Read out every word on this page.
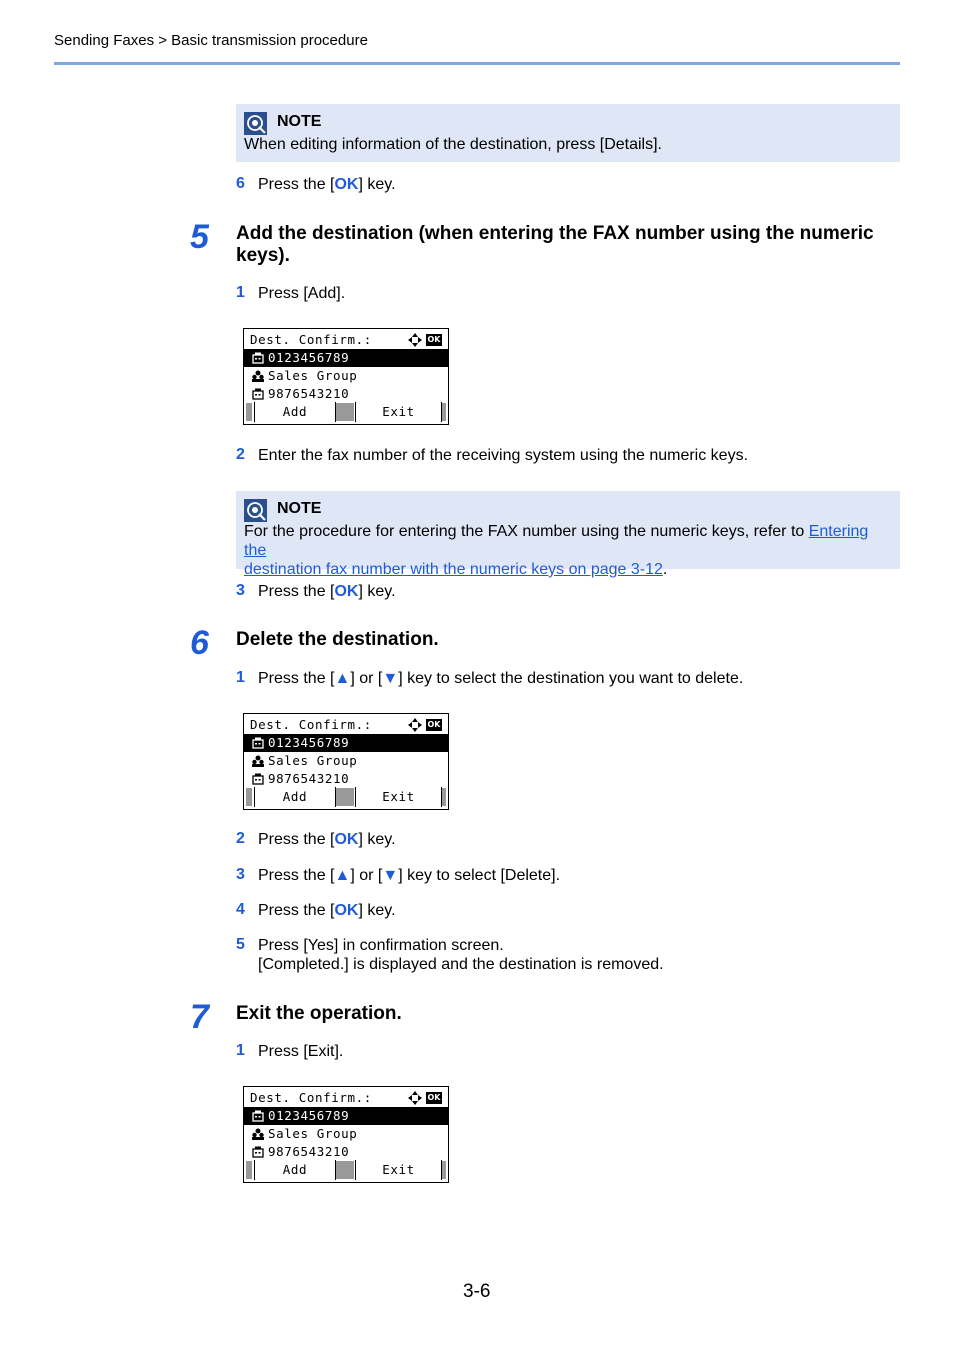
Sending Faxes > Basic transmission procedure
NOTE
When editing information of the destination, press [Details].
6 Press the [OK] key.
5 Add the destination (when entering the FAX number using the numeric keys).
1 Press [Add].
Dest. Confirm.:	OK
0123456789
Sales Group
9876543210
Add	Exit
2 Enter the fax number of the receiving system using the numeric keys.
NOTE
For the procedure for entering the FAX number using the numeric keys, refer to Entering the
destination fax number with the numeric keys on page 3-12.
3 Press the [OK] key.
6 Delete the destination.
1 Press the [▲] or [▼] key to select the destination you want to delete.
Dest. Confirm.:	OK
0123456789
Sales Group
9876543210
Add	Exit
2 Press the [OK] key.
3 Press the [▲] or [▼] key to select [Delete].
4 Press the [OK] key.
5 Press [Yes] in confirmation screen.
[Completed.] is displayed and the destination is removed.
7 Exit the operation.
1 Press [Exit].
Dest. Confirm.:	OK
0123456789
Sales Group
9876543210
Add	Exit
3-6
